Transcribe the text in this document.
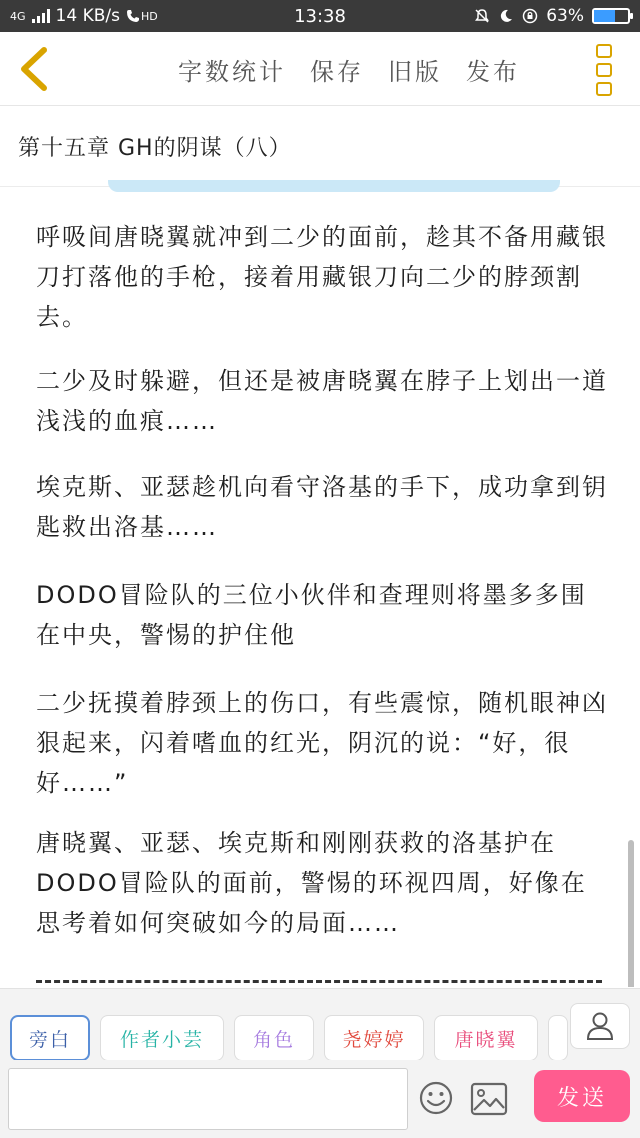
4G 14 KB/s HD	13:38	63%
字数统计 保存 旧版 发布
第十五章 GH的阴谋（八）
呼吸间唐晓翼就冲到二少的面前，趁其不备用藏银刀打落他的手枪，接着用藏银刀向二少的脖颈割去。
二少及时躲避，但还是被唐晓翼在脖子上划出一道浅浅的血痕……
埃克斯、亚瑟趁机向看守洛基的手下，成功拿到钥匙救出洛基……
DODO冒险队的三位小伙伴和查理则将墨多多围在中央，警惕的护住他
二少抚摸着脖颈上的伤口，有些震惊，随机眼神凶狠起来，闪着嗜血的红光，阴沉的说：“好，很好……”
唐晓翼、亚瑟、埃克斯和刚刚获救的洛基护在DODO冒险队的面前，警惕的环视四周，好像在思考着如何突破如今的局面……
旁白	作者小芸	角色	尧婷婷	唐晓翼
发送
